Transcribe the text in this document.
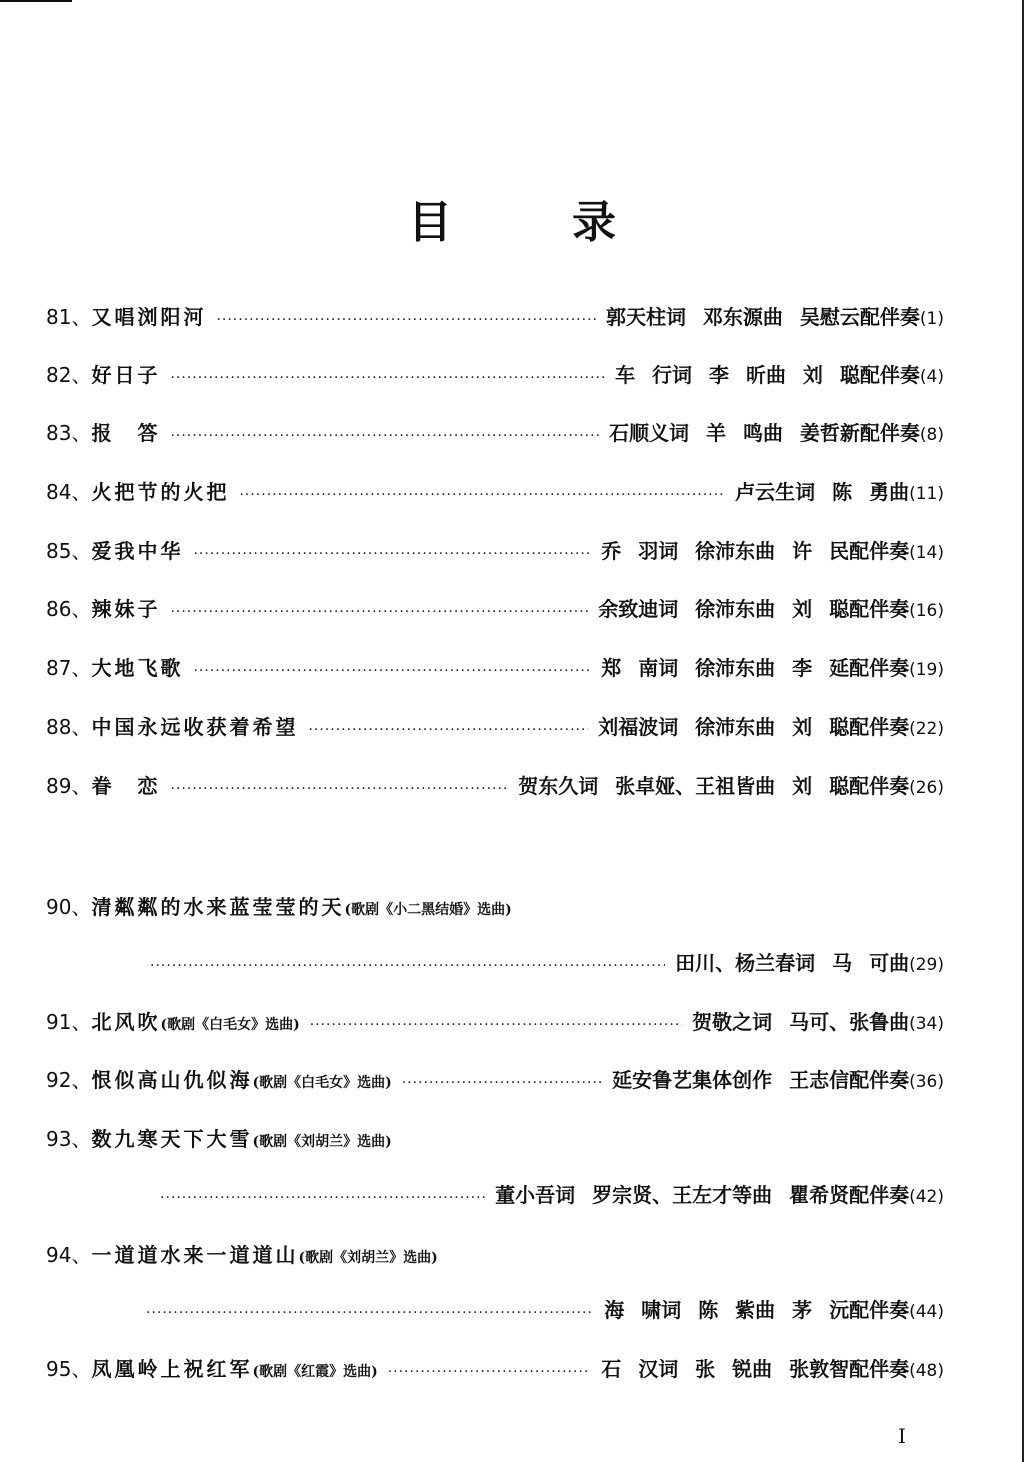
目	录
81、 又唱浏阳河 ·····	郭天柱词 邓东源曲 吴慰云配伴奏 (1)
82、 好日子 ·····	车 行词 李 昕曲 刘 聪配伴奏 (4)
83、 报　答 ·····	石顺义词 羊 鸣曲 姜哲新配伴奏 (8)
84、 火把节的火把 ·····	卢云生词 陈 勇曲 (11)
85、 爱我中华 ·····	乔 羽词 徐沛东曲 许 民配伴奏 (14)
86、 辣妹子 ·····	余致迪词 徐沛东曲 刘 聪配伴奏 (16)
87、 大地飞歌 ·····	郑 南词 徐沛东曲 李 延配伴奏 (19)
88、 中国永远收获着希望 ·····	刘福波词 徐沛东曲 刘 聪配伴奏 (22)
89、 眷　恋 ·····	贺东久词 张卓娅、王祖皆曲 刘 聪配伴奏 (26)
90、 清粼粼的水来蓝莹莹的天 (歌剧《小二黑结婚》选曲)
·····
田川、杨兰春词 马 可曲 (29)
91、 北风吹 (歌剧《白毛女》选曲) ·····	贺敬之词 马可、张鲁曲 (34)
92、 恨似高山仇似海 (歌剧《白毛女》选曲) ·····	延安鲁艺集体创作 王志信配伴奏 (36)
93、 数九寒天下大雪 (歌剧《刘胡兰》选曲)
·····
董小吾词 罗宗贤、王左才等曲 瞿希贤配伴奏 (42)
94、 一道道水来一道道山 (歌剧《刘胡兰》选曲)
·····
海 啸词 陈 紫曲 茅 沅配伴奏 (44)
95、 凤凰岭上祝红军 (歌剧《红霞》选曲) ·····	石 汉词 张 锐曲 张敦智配伴奏 (48)
I
